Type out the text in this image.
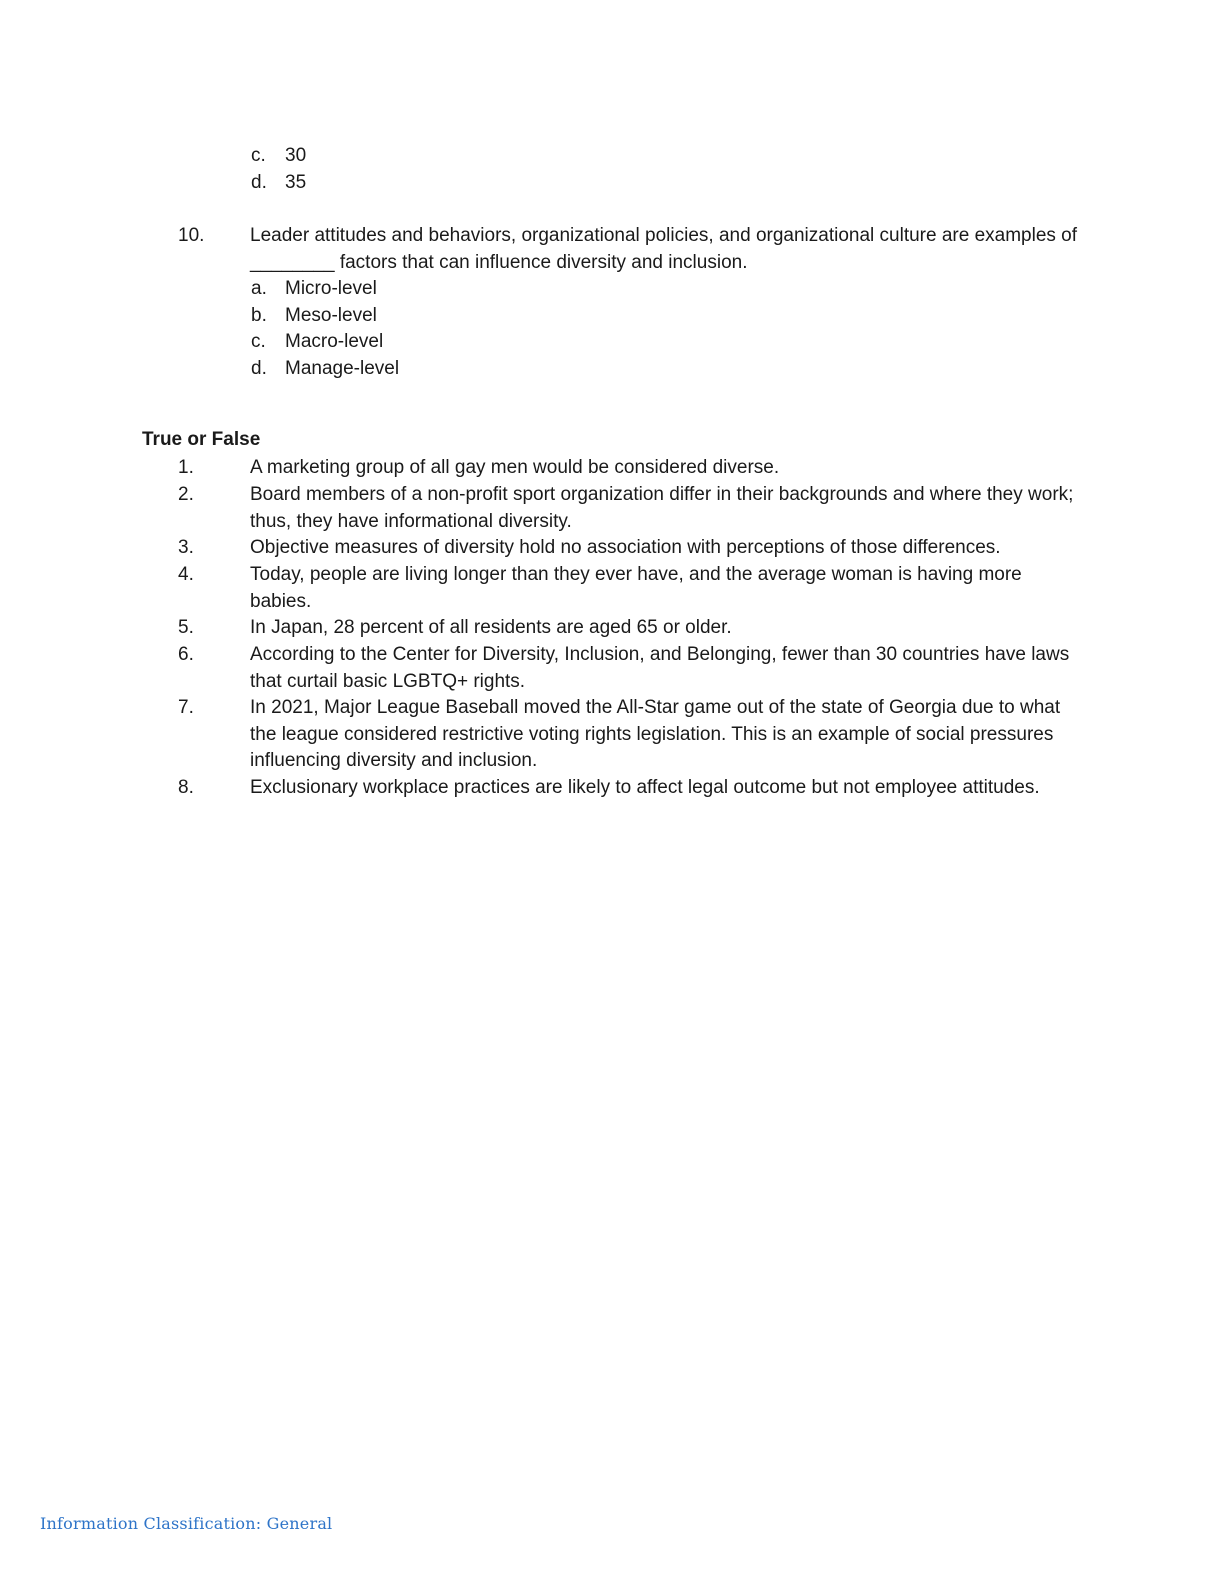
c. 30
d. 35
10. Leader attitudes and behaviors, organizational policies, and organizational culture are examples of ________ factors that can influence diversity and inclusion.
a. Micro-level
b. Meso-level
c. Macro-level
d. Manage-level
True or False
1.	A marketing group of all gay men would be considered diverse.
2.	Board members of a non-profit sport organization differ in their backgrounds and where they work; thus, they have informational diversity.
3.	Objective measures of diversity hold no association with perceptions of those differences.
4.	Today, people are living longer than they ever have, and the average woman is having more babies.
5.	In Japan, 28 percent of all residents are aged 65 or older.
6.	According to the Center for Diversity, Inclusion, and Belonging, fewer than 30 countries have laws that curtail basic LGBTQ+ rights.
7.	In 2021, Major League Baseball moved the All-Star game out of the state of Georgia due to what the league considered restrictive voting rights legislation. This is an example of social pressures influencing diversity and inclusion.
8.	Exclusionary workplace practices are likely to affect legal outcome but not employee attitudes.
Information Classification: General
